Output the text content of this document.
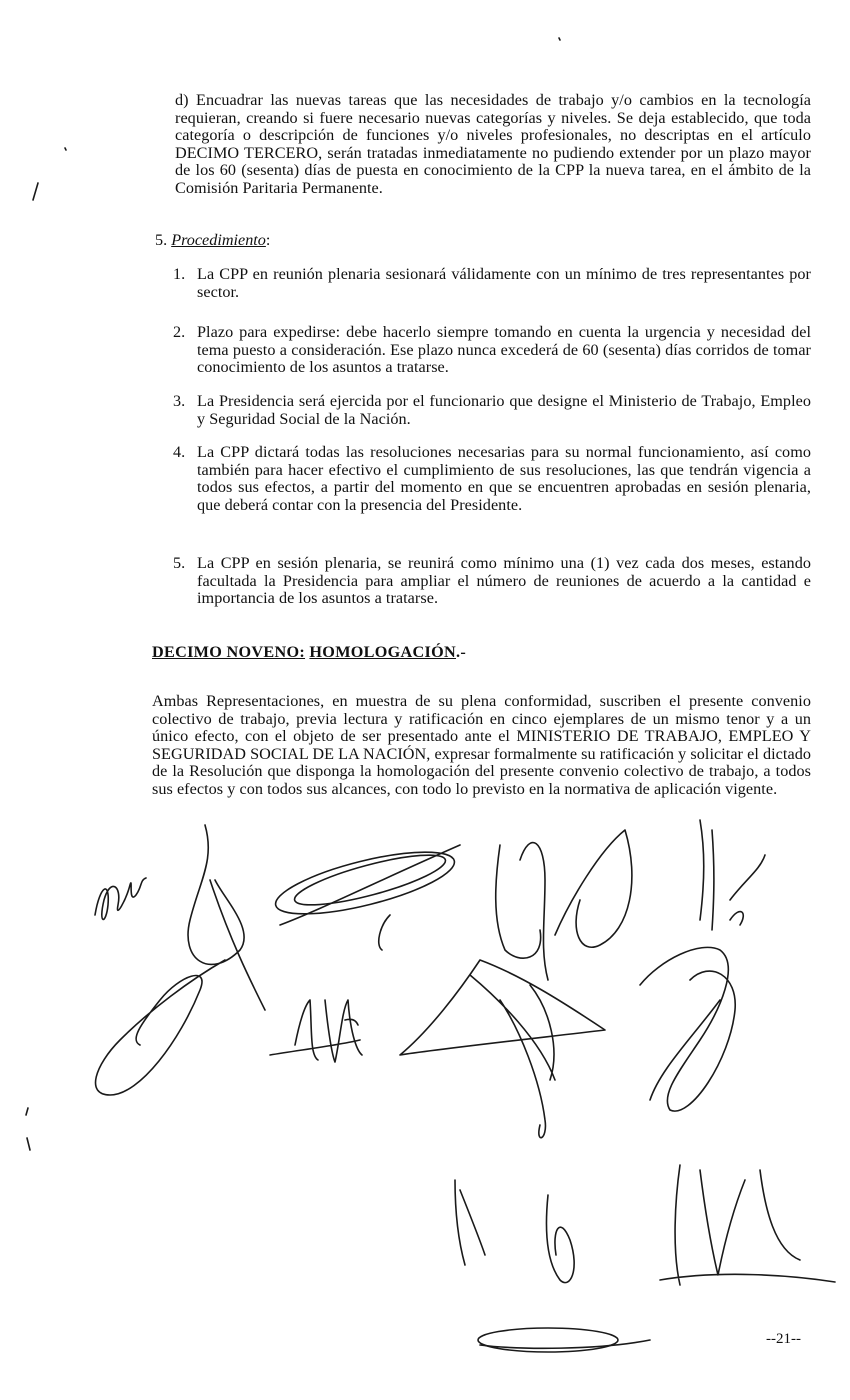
d) Encuadrar las nuevas tareas que las necesidades de trabajo y/o cambios en la tecnología requieran, creando si fuere necesario nuevas categorías y niveles. Se deja establecido, que toda categoría o descripción de funciones y/o niveles profesionales, no descriptas en el artículo DECIMO TERCERO, serán tratadas inmediatamente no pudiendo extender por un plazo mayor de los 60 (sesenta) días de puesta en conocimiento de la CPP la nueva tarea, en el ámbito de la Comisión Paritaria Permanente.
5. Procedimiento:
1. La CPP en reunión plenaria sesionará válidamente con un mínimo de tres representantes por sector.
2. Plazo para expedirse: debe hacerlo siempre tomando en cuenta la urgencia y necesidad del tema puesto a consideración. Ese plazo nunca excederá de 60 (sesenta) días corridos de tomar conocimiento de los asuntos a tratarse.
3. La Presidencia será ejercida por el funcionario que designe el Ministerio de Trabajo, Empleo y Seguridad Social de la Nación.
4. La CPP dictará todas las resoluciones necesarias para su normal funcionamiento, así como también para hacer efectivo el cumplimiento de sus resoluciones, las que tendrán vigencia a todos sus efectos, a partir del momento en que se encuentren aprobadas en sesión plenaria, que deberá contar con la presencia del Presidente.
5. La CPP en sesión plenaria, se reunirá como mínimo una (1) vez cada dos meses, estando facultada la Presidencia para ampliar el número de reuniones de acuerdo a la cantidad e importancia de los asuntos a tratarse.
DECIMO NOVENO: HOMOLOGACIÓN.-
Ambas Representaciones, en muestra de su plena conformidad, suscriben el presente convenio colectivo de trabajo, previa lectura y ratificación en cinco ejemplares de un mismo tenor y a un único efecto, con el objeto de ser presentado ante el MINISTERIO DE TRABAJO, EMPLEO Y SEGURIDAD SOCIAL DE LA NACIÓN, expresar formalmente su ratificación y solicitar el dictado de la Resolución que disponga la homologación del presente convenio colectivo de trabajo, a todos sus efectos y con todos sus alcances, con todo lo previsto en la normativa de aplicación vigente.
--21--
